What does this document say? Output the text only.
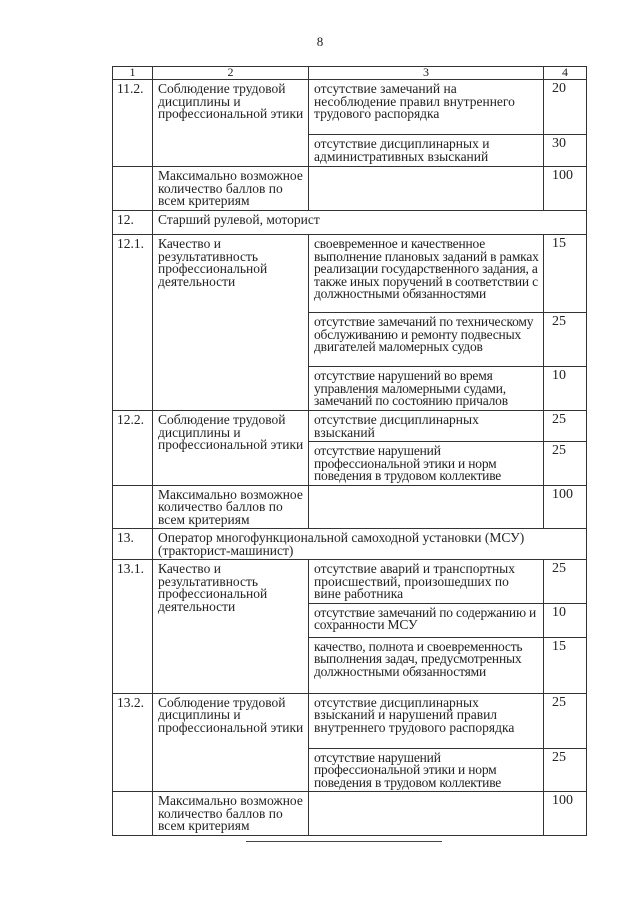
8
1	2	3	4
11.2.	Соблюдение трудовой дисциплины и профессиональной этики	отсутствие замечаний на несоблюдение правил внутреннего трудового распорядка	20
		отсутствие дисциплинарных и административных взысканий	30
	Максимально возможное количество баллов по всем критериям		100
12.	Старший рулевой, моторист		
12.1.	Качество и результативность профессиональной деятельности	своевременное и качественное выполнение плановых заданий в рамках реализации государственного задания, а также иных поручений в соответствии с должностными обязанностями	15
		отсутствие замечаний по техническому обслуживанию и ремонту подвесных двигателей маломерных судов	25
		отсутствие нарушений во время управления маломерными судами, замечаний по состоянию причалов	10
12.2.	Соблюдение трудовой дисциплины и профессиональной этики	отсутствие дисциплинарных взысканий	25
		отсутствие нарушений профессиональной этики и норм поведения в трудовом коллективе	25
	Максимально возможное количество баллов по всем критериям		100
13.	Оператор многофункциональной самоходной установки (МСУ) (тракторист-машинист)		
13.1.	Качество и результативность профессиональной деятельности	отсутствие аварий и транспортных происшествий, произошедших по вине работника	25
		отсутствие замечаний по содержанию и сохранности МСУ	10
		качество, полнота и своевременность выполнения задач, предусмотренных должностными обязанностями	15
13.2.	Соблюдение трудовой дисциплины и профессиональной этики	отсутствие дисциплинарных взысканий и нарушений правил внутреннего трудового распорядка	25
		отсутствие нарушений профессиональной этики и норм поведения в трудовом коллективе	25
	Максимально возможное количество баллов по всем критериям		100
